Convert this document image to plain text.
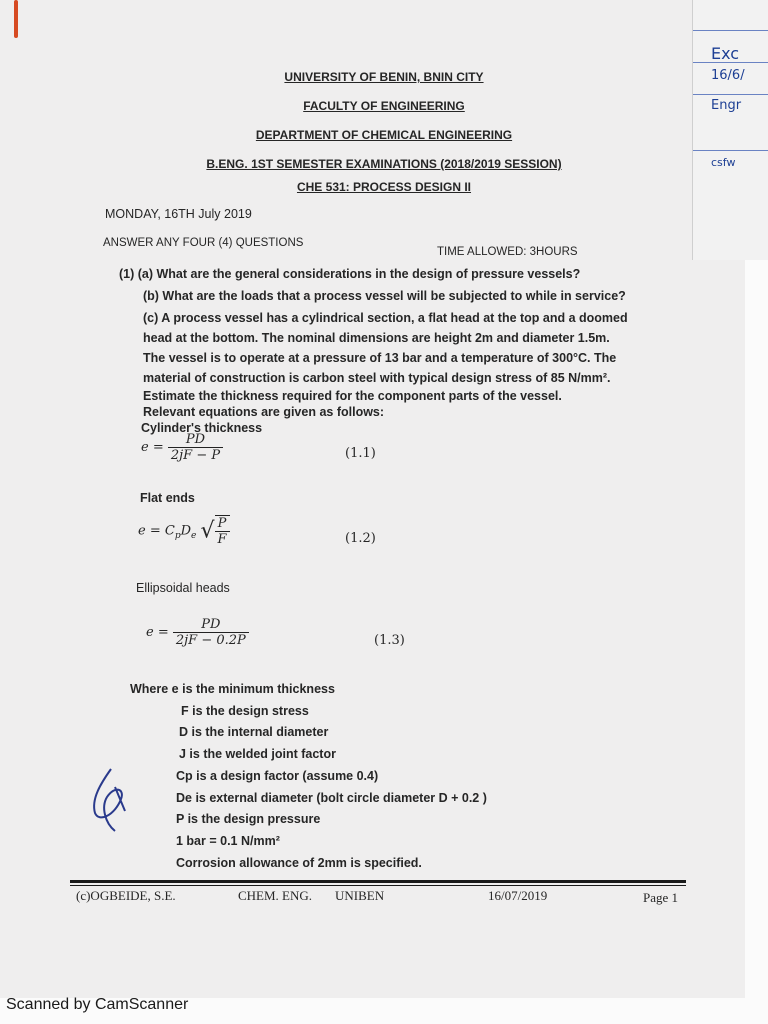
Exc
16/6/
Engr
csfw
UNIVERSITY OF BENIN, BNIN CITY
FACULTY OF ENGINEERING
DEPARTMENT OF CHEMICAL ENGINEERING
B.ENG. 1ST SEMESTER EXAMINATIONS (2018/2019 SESSION)
CHE 531: PROCESS DESIGN II
MONDAY, 16TH July 2019
ANSWER ANY FOUR (4) QUESTIONS
TIME ALLOWED: 3HOURS
(1) (a) What are the general considerations in the design of pressure vessels?
(b) What are the loads that a process vessel will be subjected to while in service?
(c) A process vessel has a cylindrical section, a flat head at the top and a doomed
head at the bottom. The nominal dimensions are height 2m and diameter 1.5m.
The vessel is to operate at a pressure of 13 bar and a temperature of 300°C. The
material of construction is carbon steel with typical design stress of 85 N/mm².
Estimate the thickness required for the component parts of the vessel.
Relevant equations are given as follows:
Cylinder's thickness
$e = \frac{PD}{2jF - P}$	(1.1)
Flat ends
$e = C_pD_e$ √ $\frac{P}{F}$	(1.2)
Ellipsoidal heads
$e = \frac{PD}{2jF - 0.2P}$	(1.3)
Where e is the minimum thickness
F is the design stress
D is the internal diameter
J is the welded joint factor
Cp is a design factor (assume 0.4)
De is external diameter (bolt circle diameter D + 0.2 )
P is the design pressure
1 bar = 0.1 N/mm²
Corrosion allowance of 2mm is specified.
(c)OGBEIDE, S.E.	CHEM. ENG. UNIBEN	16/07/2019	Page 1
Scanned by CamScanner
